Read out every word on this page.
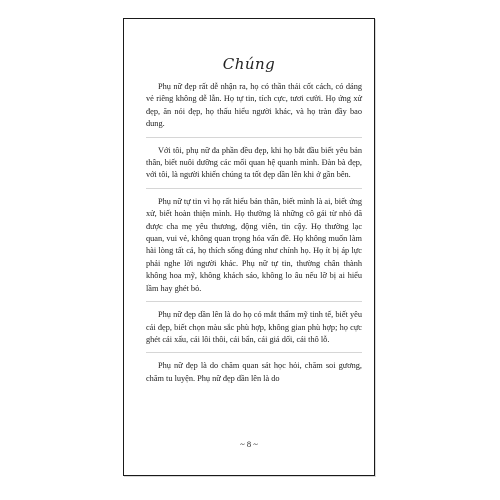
Chúng

Phụ nữ đẹp rất dễ nhận ra, họ có thần thái cốt cách, có dáng vẻ riêng không dễ lẫn. Họ tự tin, tích cực, tươi cười. Họ ứng xử đẹp, ăn nói đẹp, họ thấu hiểu người khác, và họ tràn đầy bao dung.

Với tôi, phụ nữ đa phần đều đẹp, khi họ bắt đầu biết yêu bản thân, biết nuôi dưỡng các mối quan hệ quanh mình. Đàn bà đẹp, với tôi, là người khiến chúng ta tốt đẹp dần lên khi ở gần bên.

Phụ nữ tự tin vì họ rất hiểu bản thân, biết mình là ai, biết ứng xử, biết hoàn thiện mình. Họ thường là những cô gái từ nhỏ đã được cha mẹ yêu thương, động viên, tin cậy. Họ thường lạc quan, vui vẻ, không quan trọng hóa vấn đề. Họ không muốn làm hài lòng tất cả, họ thích sống đúng như chính họ. Họ ít bị áp lực phải nghe lời người khác. Phụ nữ tự tin, thường chân thành không hoa mỹ, không khách sáo, không lo âu nếu lỡ bị ai hiểu lầm hay ghét bỏ.

Phụ nữ đẹp dần lên là do họ có mắt thẩm mỹ tinh tế, biết yêu cái đẹp, biết chọn màu sắc phù hợp, không gian phù hợp; họ cực ghét cái xấu, cái lôi thôi, cái bẩn, cái giả dối, cái thô lỗ.

Phụ nữ đẹp là do chăm quan sát học hỏi, chăm soi gương, chăm tu luyện. Phụ nữ đẹp dần lên là do

~ 8 ~
